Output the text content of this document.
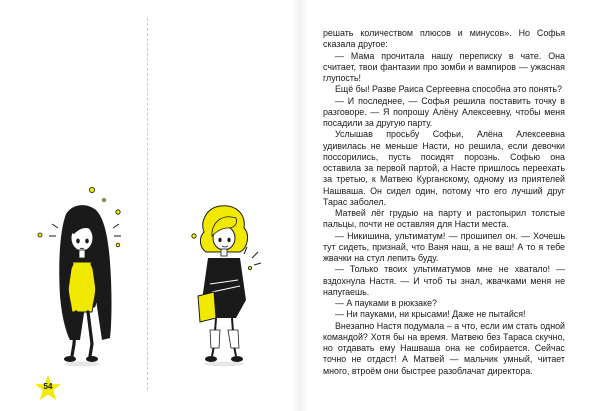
54

решать количеством плюсов и минусов». Но Софья сказала другое:

— Мама прочитала нашу переписку в чате. Она считает, твои фантазии про зомби и вампиров — ужасная глупость!

Ещё бы! Разве Раиса Сергеевна способна это понять?

— И последнее, — Софья решила поставить точку в разговоре. — Я попрошу Алёну Алексеевну, чтобы меня посадили за другую парту.

Услышав просьбу Софьи, Алёна Алексеевна удивилась не меньше Насти, но решила, если девочки поссорились, пусть посидят порознь. Софью она оставила за первой партой, а Насте пришлось переехать за третью, к Матвею Курганскому, одному из приятелей Нашваша. Он сидел один, потому что его лучший друг Тарас заболел.

Матвей лёг грудью на парту и растопырил толстые пальцы, почти не оставляя для Насти места.

— Никишина, ультиматум! — прошипел он. — Хочешь тут сидеть, признай, что Ваня наш, а не ваш! А то я тебе жвачки на стул лепить буду.

— Только твоих ультиматумов мне не хватало! — вздохнула Настя. — И чтоб ты знал, жвачками меня не напугаешь.

— А пауками в рюкзаке?

— Ни пауками, ни крысами! Даже не пытайся!

Внезапно Настя подумала – а что, если им стать одной командой? Хотя бы на время. Матвею без Тараса скучно, но отдавать ему Нашваша она не собирается. Сейчас точно не отдаст! А Матвей — мальчик умный, читает много, втроём они быстрее разоблачат директора.
